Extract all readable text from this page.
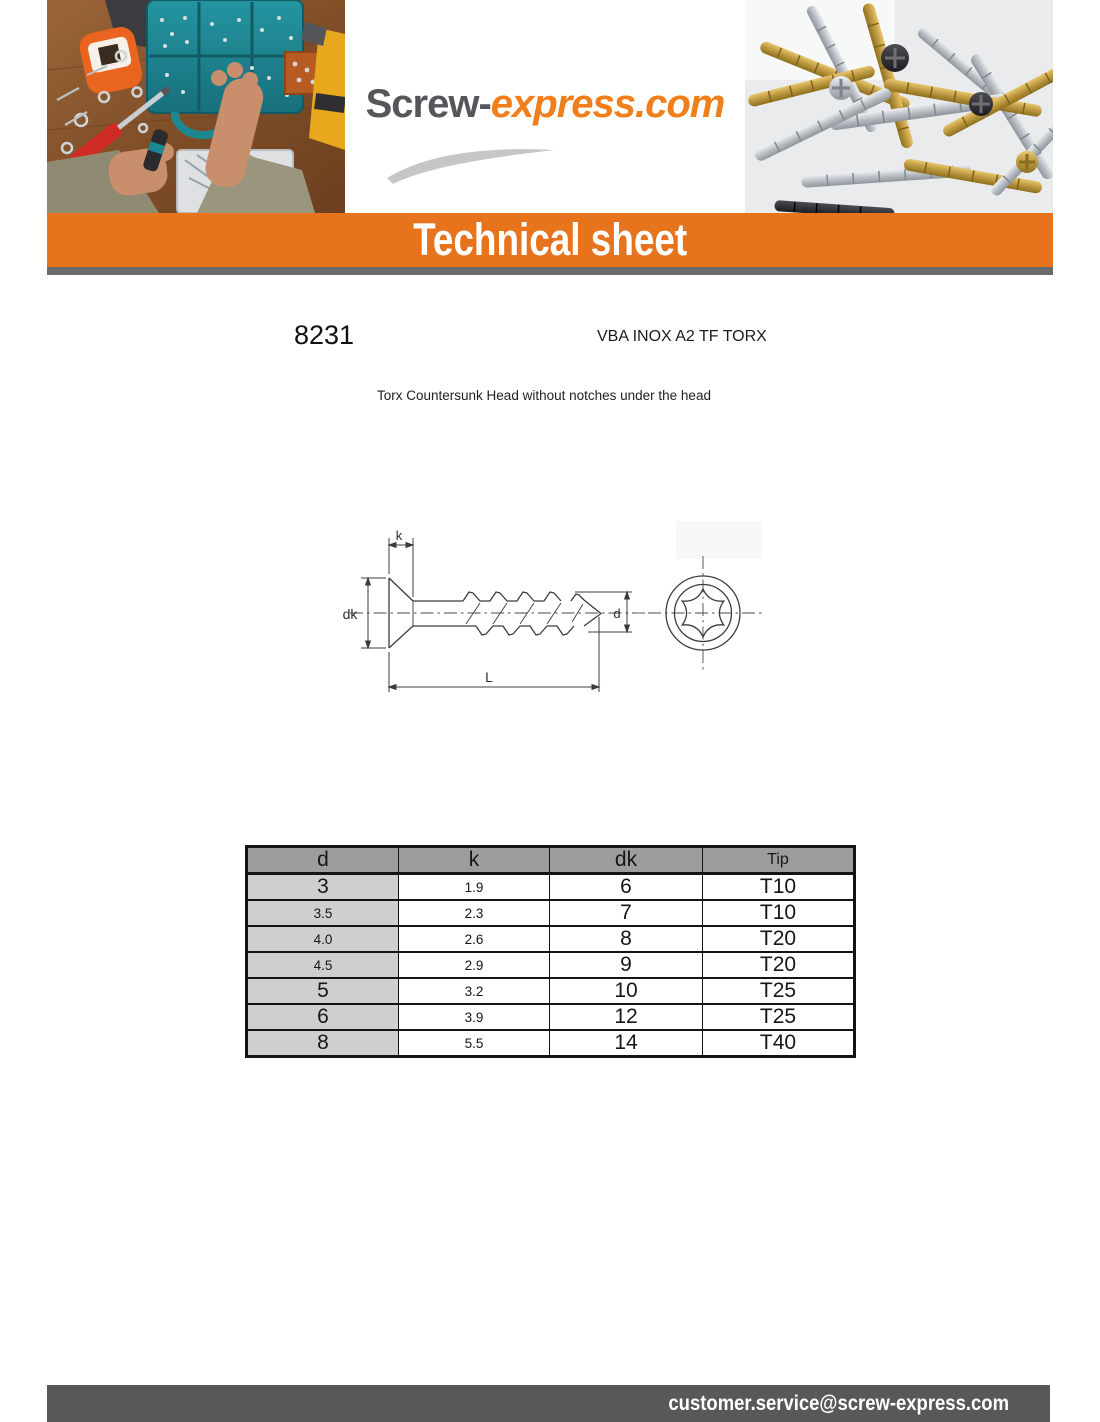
Screw-express.com
Technical sheet
8231	VBA INOX A2 TF TORX
Torx Countersunk Head without notches under the head
k
dk	d
L
d	k	dk	Tip
3	1.9	6	T10
3.5	2.3	7	T10
4.0	2.6	8	T20
4.5	2.9	9	T20
5	3.2	10	T25
6	3.9	12	T25
8	5.5	14	T40
customer.service@screw-express.com
